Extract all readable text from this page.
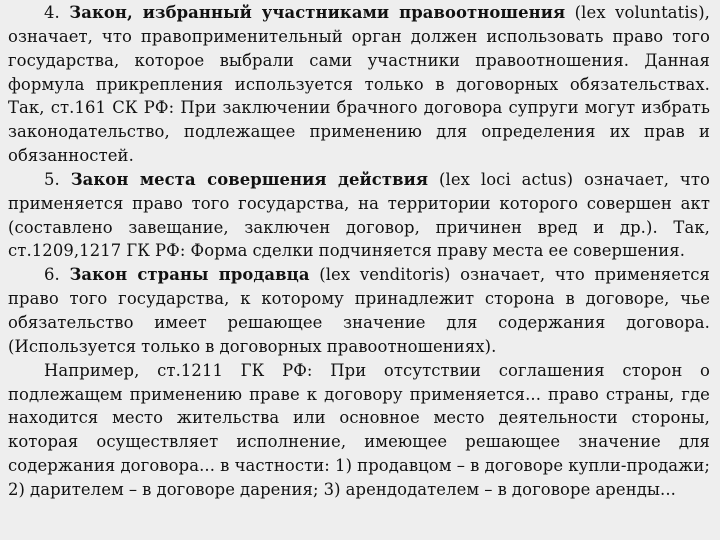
4. Закон, избранный участниками правоотношения (lex voluntatis), означает, что правоприменительный орган должен использовать право того государства, которое выбрали сами участники правоотношения. Данная формула прикрепления используется только в договорных обязательствах. Так, ст.161 СК РФ: При заключении брачного договора супруги могут избрать законодательство, подлежащее применению для определения их прав и обязанностей.

5. Закон места совершения действия (lex loci actus) означает, что применяется право того государства, на территории которого совершен акт (составлено завещание, заключен договор, причинен вред и др.). Так, ст.1209,1217 ГК РФ: Форма сделки подчиняется праву места ее совершения.

6. Закон страны продавца (lex venditoris) означает, что применяется право того государства, к которому принадлежит сторона в договоре, чье обязательство имеет решающее значение для содержания договора. (Используется только в договорных правоотношениях).

Например, ст.1211 ГК РФ: При отсутствии соглашения сторон о подлежащем применению праве к договору применяется... право страны, где находится место жительства или основное место деятельности стороны, которая осуществляет исполнение, имеющее решающее значение для содержания договора... в частности: 1) продавцом – в договоре купли-продажи; 2) дарителем – в договоре дарения; 3) арендодателем – в договоре аренды...
